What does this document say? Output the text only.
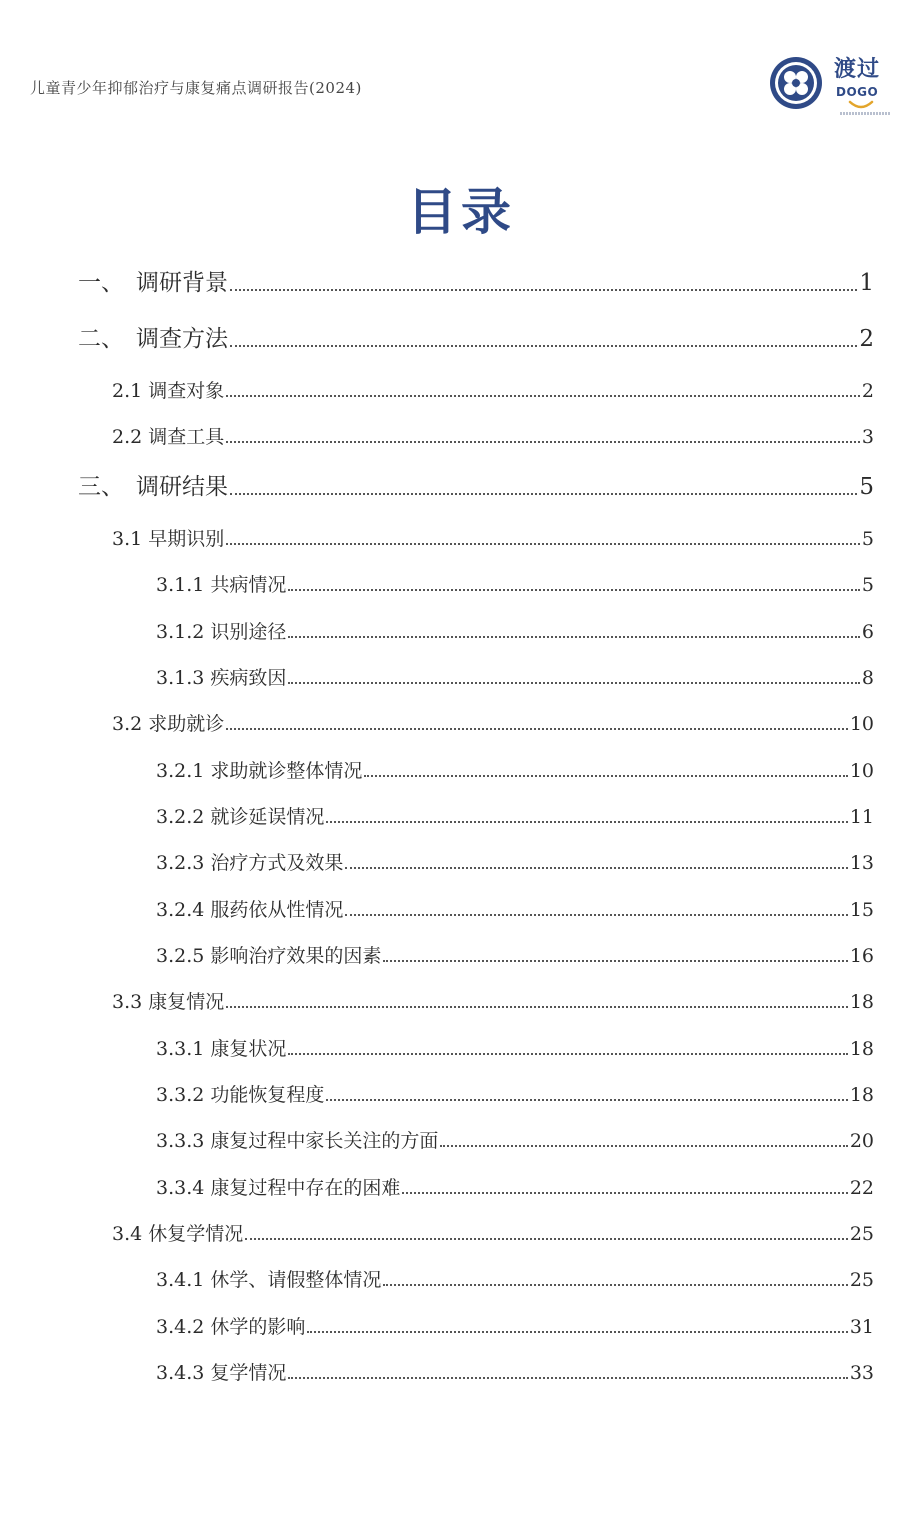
儿童青少年抑郁治疗与康复痛点调研报告(2024)
渡过
DOGO
目录
一、 调研背景	1
二、 调查方法	2
2.1 调查对象	2
2.2 调查工具	3
三、 调研结果	5
3.1 早期识别	5
3.1.1 共病情况	5
3.1.2 识别途径	6
3.1.3 疾病致因	8
3.2 求助就诊	10
3.2.1 求助就诊整体情况	10
3.2.2 就诊延误情况	11
3.2.3 治疗方式及效果	13
3.2.4 服药依从性情况	15
3.2.5 影响治疗效果的因素	16
3.3 康复情况	18
3.3.1 康复状况	18
3.3.2 功能恢复程度	18
3.3.3 康复过程中家长关注的方面	20
3.3.4 康复过程中存在的困难	22
3.4 休复学情况	25
3.4.1 休学、请假整体情况	25
3.4.2 休学的影响	31
3.4.3 复学情况	33
